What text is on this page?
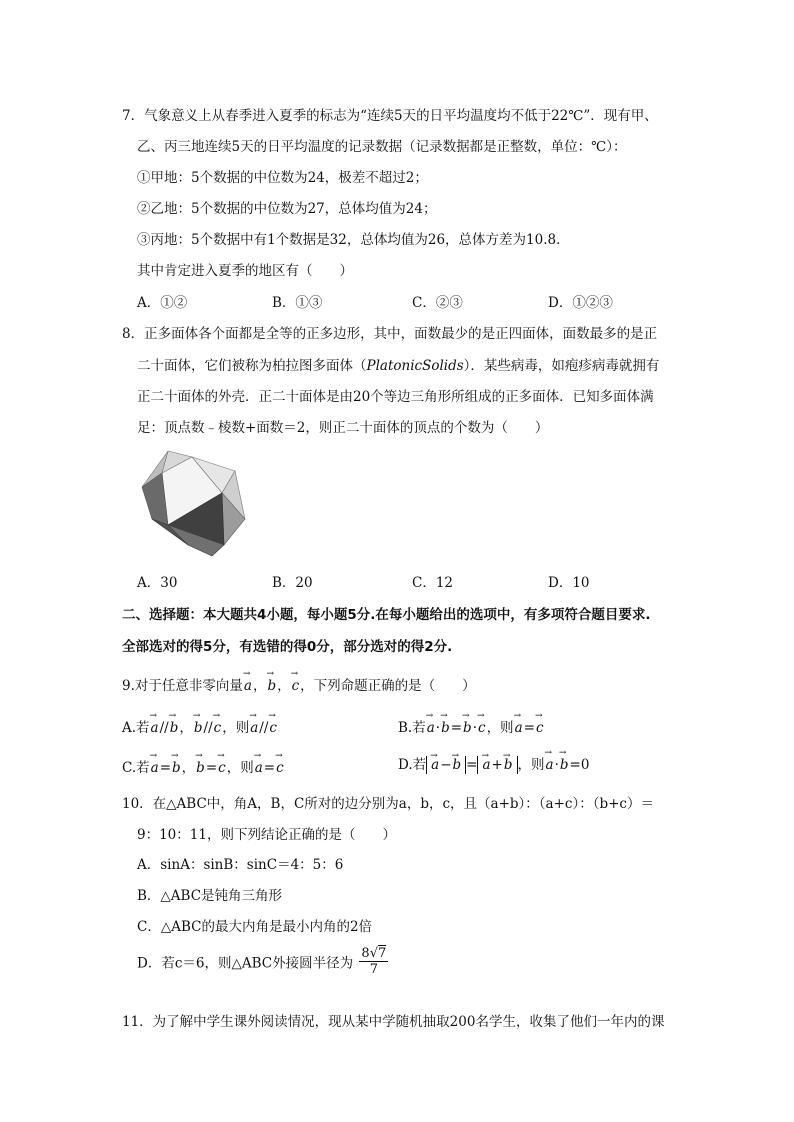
7．气象意义上从春季进入夏季的标志为“连续5天的日平均温度均不低于22℃”．现有甲、
乙、丙三地连续5天的日平均温度的记录数据（记录数据都是正整数，单位：℃）：
①甲地：5个数据的中位数为24，极差不超过2；
②乙地：5个数据的中位数为27，总体均值为24；
③丙地：5个数据中有1个数据是32，总体均值为26，总体方差为10.8．
其中肯定进入夏季的地区有（　　）
A．①②	B．①③	C．②③	D．①②③
8．正多面体各个面都是全等的正多边形，其中，面数最少的是正四面体，面数最多的是正
二十面体，它们被称为柏拉图多面体（PlatonicSolids）．某些病毒，如疱疹病毒就拥有
正二十面体的外壳．正二十面体是由20个等边三角形所组成的正多面体．已知多面体满
足：顶点数﹣棱数+面数＝2，则正二十面体的顶点的个数为（　　）
A．30	B．20	C．12	D．10
二、选择题：本大题共4小题，每小题5分.在每小题给出的选项中，有多项符合题目要求.
全部选对的得5分，有选错的得0分，部分选对的得2分.
9.对于任意非零向量→ a，→ b，→ c，下列命题正确的是（　　）
A.若→ a//→ b，→ b//→ c，则→ a//→ c	B.若→ a·→ b=→ b·→ c，则→ a=→ c
C.若→ a=→ b，→ b=→ c，则→ a=→ c	D.若 → a−→ b = → a+→ b ，则→ a·→ b=0
10．在△ABC中，角A，B，C所对的边分别为a，b，c，且（a+b）：（a+c）：（b+c）＝
9：10：11，则下列结论正确的是（　　）
A．sinA：sinB：sinC＝4：5：6
B．△ABC是钝角三角形
C．△ABC的最大内角是最小内角的2倍
D．若c＝6，则△ABC外接圆半径为 $\frac{8√7}{7}$
11．为了解中学生课外阅读情况，现从某中学随机抽取200名学生，收集了他们一年内的课
